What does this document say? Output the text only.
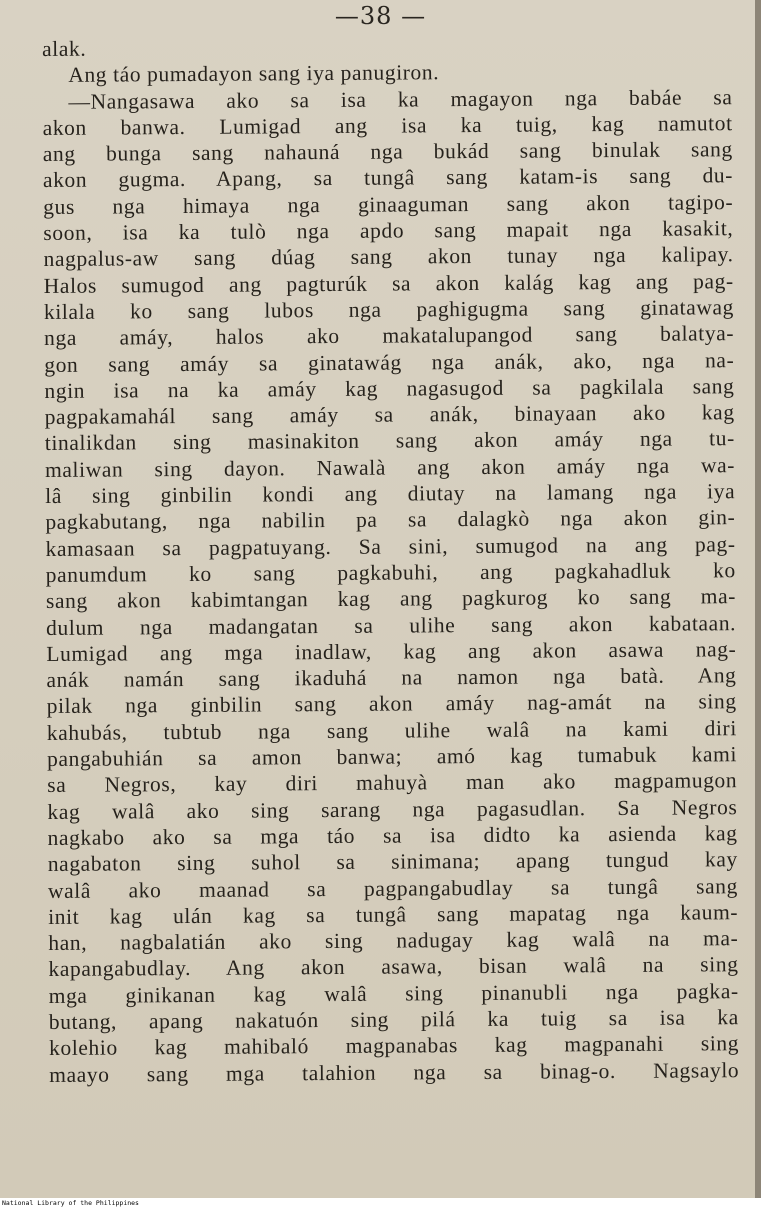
—38 —
alak.
Ang táo pumadayon sang iya panugiron.
—Nangasawa ako sa isa ka magayon nga babáe sa
akon banwa. Lumigad ang isa ka tuig, kag namutot
ang bunga sang nahauná nga bukád sang binulak sang
akon gugma. Apang, sa tungâ sang katam-is sang du-
gus nga himaya nga ginaaguman sang akon tagipo-
soon, isa ka tulò nga apdo sang mapait nga kasakit,
nagpalus-aw sang dúag sang akon tunay nga kalipay.
Halos sumugod ang pagturúk sa akon kalág kag ang pag-
kilala ko sang lubos nga paghigugma sang ginatawag
nga amáy, halos ako makatalupangod sang balatya-
gon sang amáy sa ginatawág nga anák, ako, nga na-
ngin isa na ka amáy kag nagasugod sa pagkilala sang
pagpakamahál sang amáy sa anák, binayaan ako kag
tinalikdan sing masinakiton sang akon amáy nga tu-
maliwan sing dayon. Nawalà ang akon amáy nga wa-
lâ sing ginbilin kondi ang diutay na lamang nga iya
pagkabutang, nga nabilin pa sa dalagkò nga akon gin-
kamasaan sa pagpatuyang. Sa sini, sumugod na ang pag-
panumdum ko sang pagkabuhi, ang pagkahadluk ko
sang akon kabimtangan kag ang pagkurog ko sang ma-
dulum nga madangatan sa ulihe sang akon kabataan.
Lumigad ang mga inadlaw, kag ang akon asawa nag-
anák namán sang ikaduhá na namon nga batà. Ang
pilak nga ginbilin sang akon amáy nag-amát na sing
kahubás, tubtub nga sang ulihe walâ na kami diri
pangabuhián sa amon banwa; amó kag tumabuk kami
sa Negros, kay diri mahuyà man ako magpamugon
kag walâ ako sing sarang nga pagasudlan. Sa Negros
nagkabo ako sa mga táo sa isa didto ka asienda kag
nagabaton sing suhol sa sinimana; apang tungud kay
walâ ako maanad sa pagpangabudlay sa tungâ sang
init kag ulán kag sa tungâ sang mapatag nga kaum-
han, nagbalatián ako sing nadugay kag walâ na ma-
kapangabudlay. Ang akon asawa, bisan walâ na sing
mga ginikanan kag walâ sing pinanubli nga pagka-
butang, apang nakatuón sing pilá ka tuig sa isa ka
kolehio kag mahibaló magpanabas kag magpanahi sing
maayo sang mga talahion nga sa binag-o. Nagsaylo
National Library of the Philippines
